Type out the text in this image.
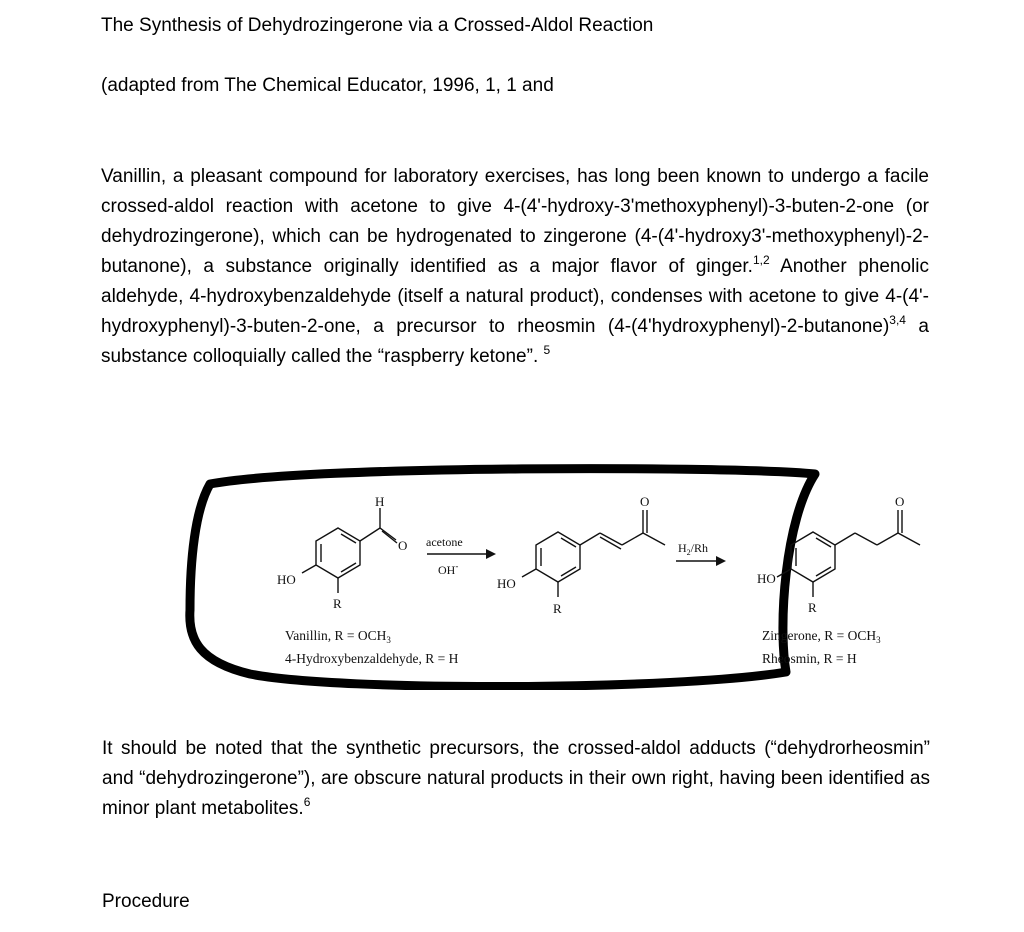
The Synthesis of Dehydrozingerone via a Crossed-Aldol Reaction
(adapted from The Chemical Educator, 1996, 1, 1 and
Vanillin, a pleasant compound for laboratory exercises, has long been known to undergo a facile crossed-aldol reaction with acetone to give 4-(4'-hydroxy-3'methoxyphenyl)-3-buten-2-one (or dehydrozingerone), which can be hydrogenated to zingerone (4-(4'-hydroxy3'-methoxyphenyl)-2-butanone), a substance originally identified as a major flavor of ginger.$^{1,2}$ Another phenolic aldehyde, 4-hydroxybenzaldehyde (itself a natural product), condenses with acetone to give 4-(4'-hydroxyphenyl)-3-buten-2-one, a precursor to rheosmin (4-(4'hydroxyphenyl)-2-butanone)$^{3,4}$ a substance colloquially called the “raspberry ketone”. $^5$
H
O
HO
R
acetone
OH-
O
HO
R
$H_2/Rh$
O
HO
R
Vanillin, $R = OCH_3$
4-Hydroxybenzaldehyde, R = H
Zingerone, $R = OCH_3$
Rheosmin, R = H
It should be noted that the synthetic precursors, the crossed-aldol adducts (“dehydrorheosmin” and “dehydrozingerone”), are obscure natural products in their own right, having been identified as minor plant metabolites.$^6$
Procedure
